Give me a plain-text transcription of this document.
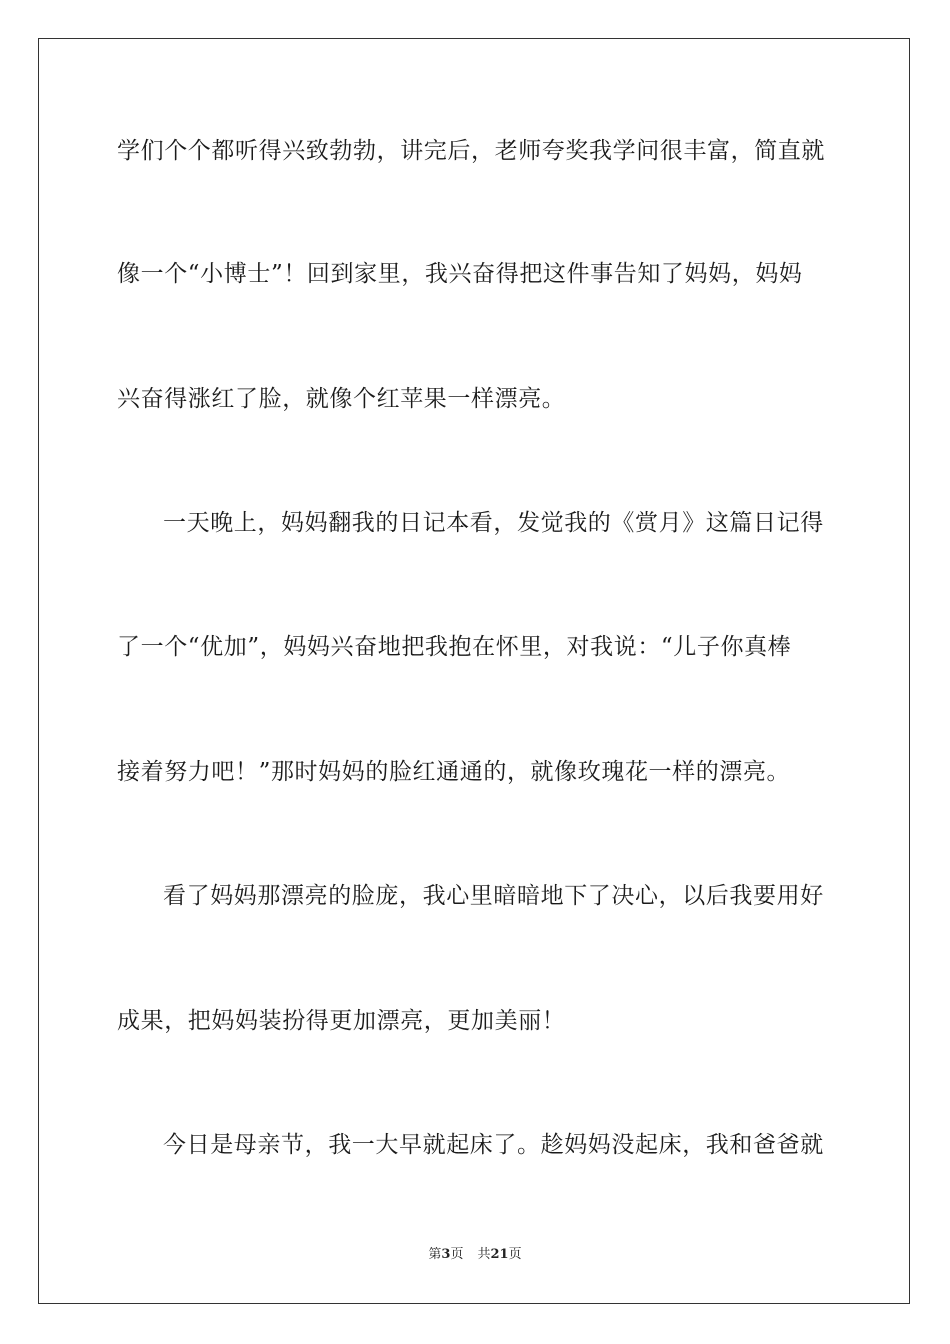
学们个个都听得兴致勃勃，讲完后，老师夸奖我学问很丰富，简直就
像一个“小博士”！回到家里，我兴奋得把这件事告知了妈妈，妈妈
兴奋得涨红了脸，就像个红苹果一样漂亮。
一天晚上，妈妈翻我的日记本看，发觉我的《赏月》这篇日记得
了一个“优加”，妈妈兴奋地把我抱在怀里，对我说：“儿子你真棒
接着努力吧！”那时妈妈的脸红通通的，就像玫瑰花一样的漂亮。
看了妈妈那漂亮的脸庞，我心里暗暗地下了决心，以后我要用好
成果，把妈妈装扮得更加漂亮，更加美丽！
今日是母亲节，我一大早就起床了。趁妈妈没起床，我和爸爸就
第3页 共21页
